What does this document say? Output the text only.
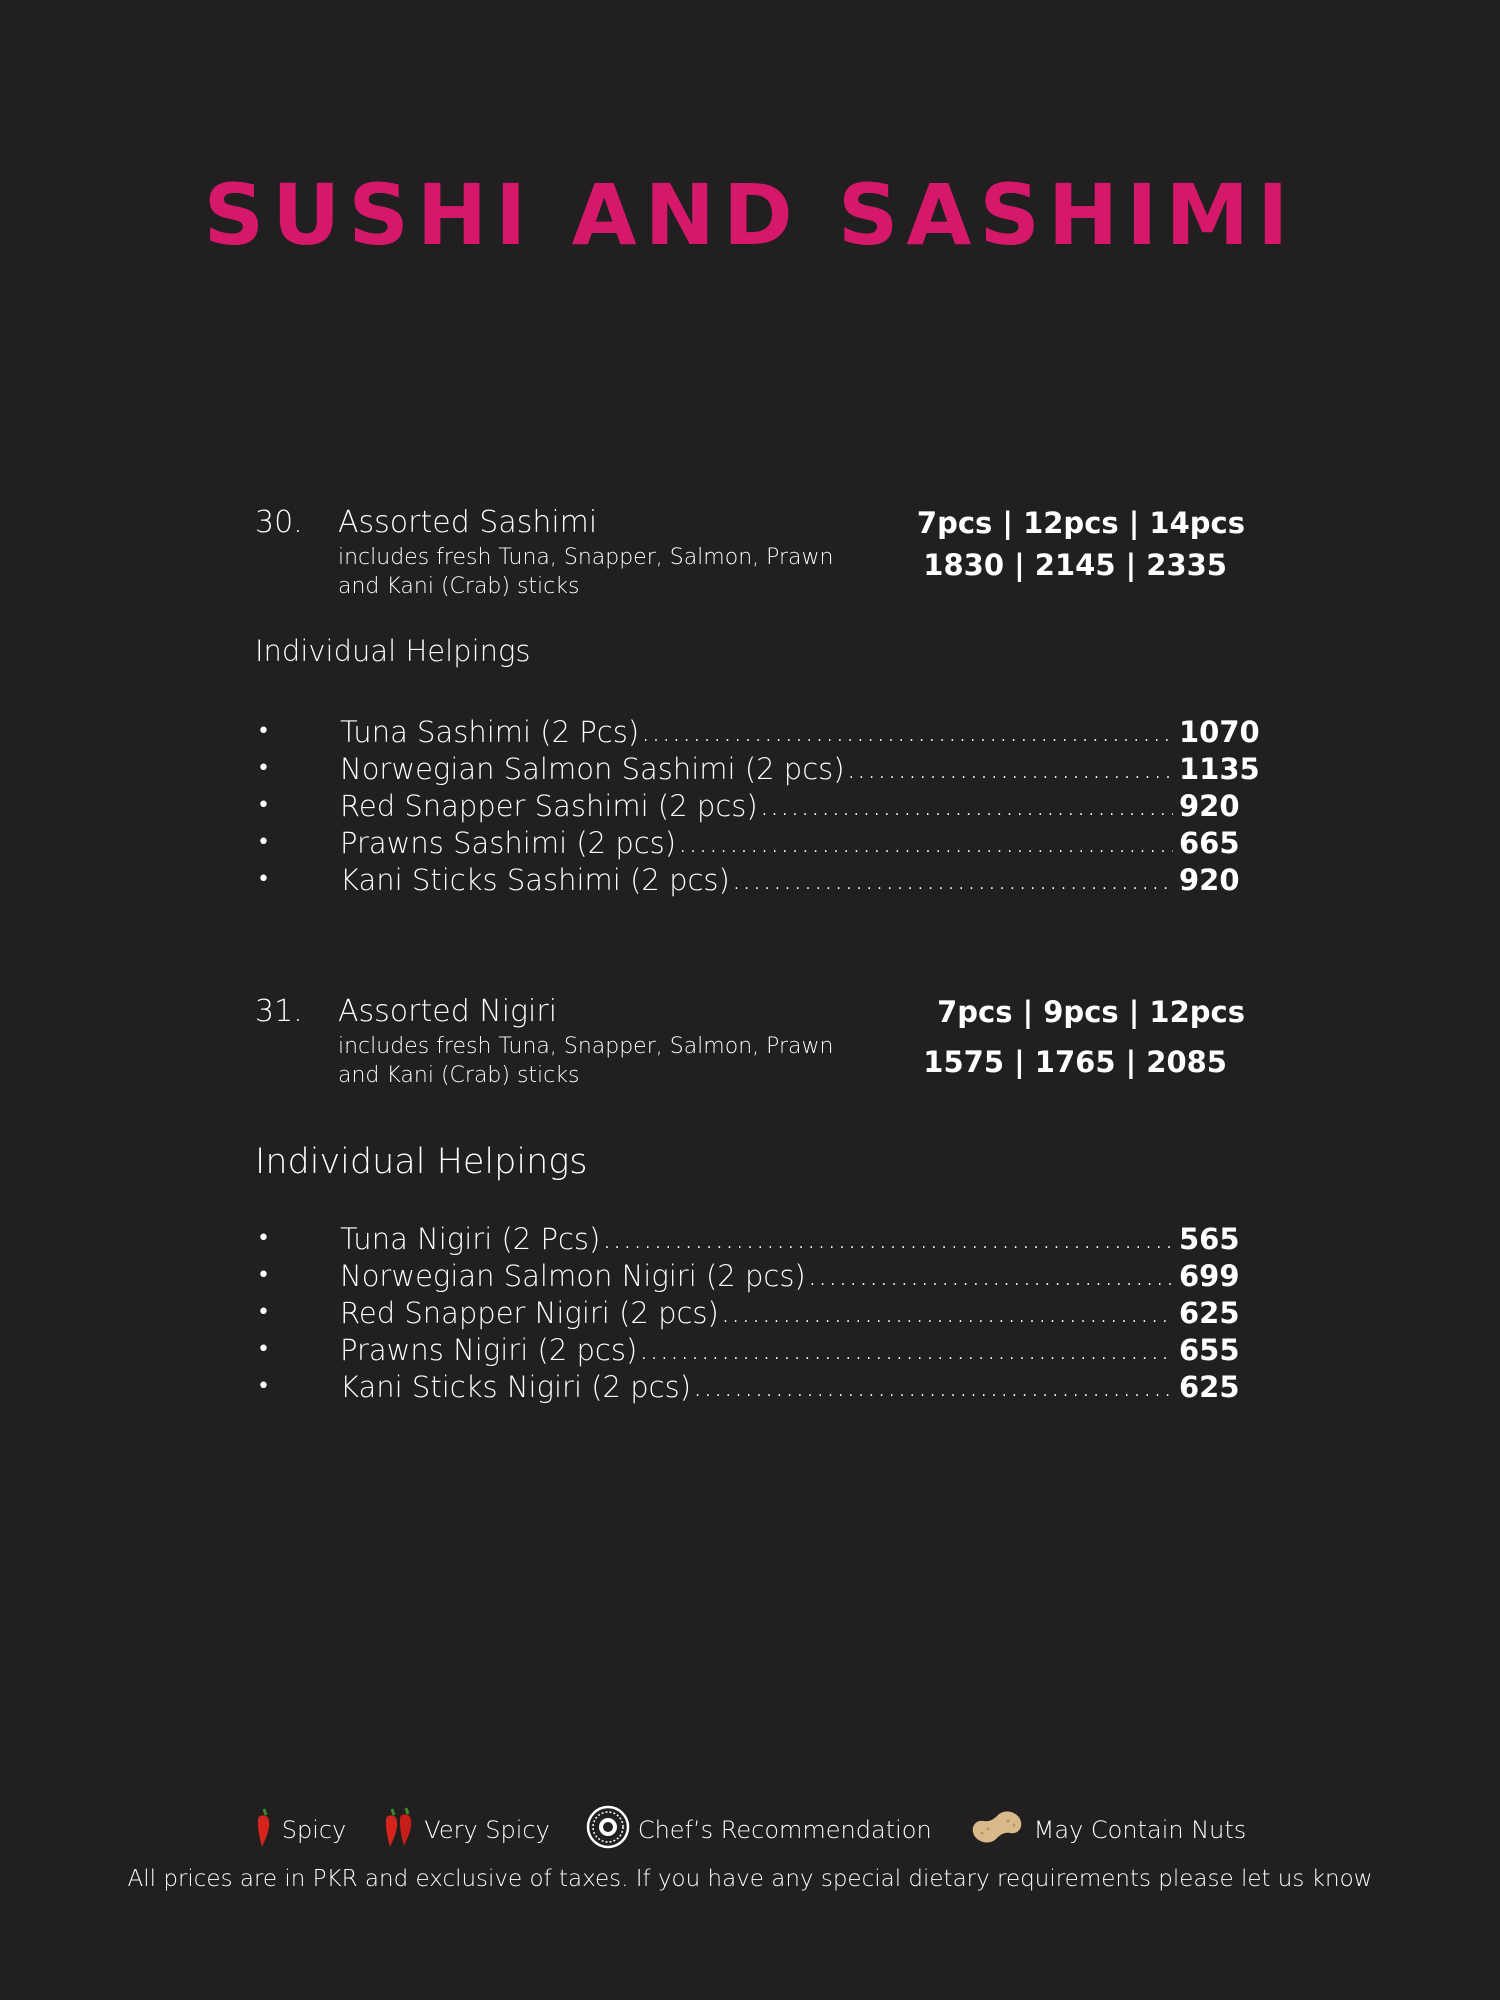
SUSHI AND SASHIMI
30. Assorted Sashimi
includes fresh Tuna, Snapper, Salmon, Prawn
and Kani (Crab) sticks
7pcs | 12pcs | 14pcs
1830 | 2145 | 2335
Individual Helpings
•	Tuna Sashimi (2 Pcs) .....	1070
•	Norwegian Salmon Sashimi (2 pcs) .....	1135
•	Red Snapper Sashimi (2 pcs) .....	920
•	Prawns Sashimi (2 pcs) .....	665
•	Kani Sticks Sashimi (2 pcs) .....	920
31. Assorted Nigiri
includes fresh Tuna, Snapper, Salmon, Prawn
and Kani (Crab) sticks
7pcs | 9pcs | 12pcs
1575 | 1765 | 2085
Individual Helpings
•	Tuna Nigiri (2 Pcs) .....	565
•	Norwegian Salmon Nigiri (2 pcs) .....	699
•	Red Snapper Nigiri (2 pcs) .....	625
•	Prawns Nigiri (2 pcs) .....	655
•	Kani Sticks Nigiri (2 pcs) .....	625
Spicy	Very Spicy	Chef’s Recommendation	May Contain Nuts
All prices are in PKR and exclusive of taxes. If you have any special dietary requirements please let us know
